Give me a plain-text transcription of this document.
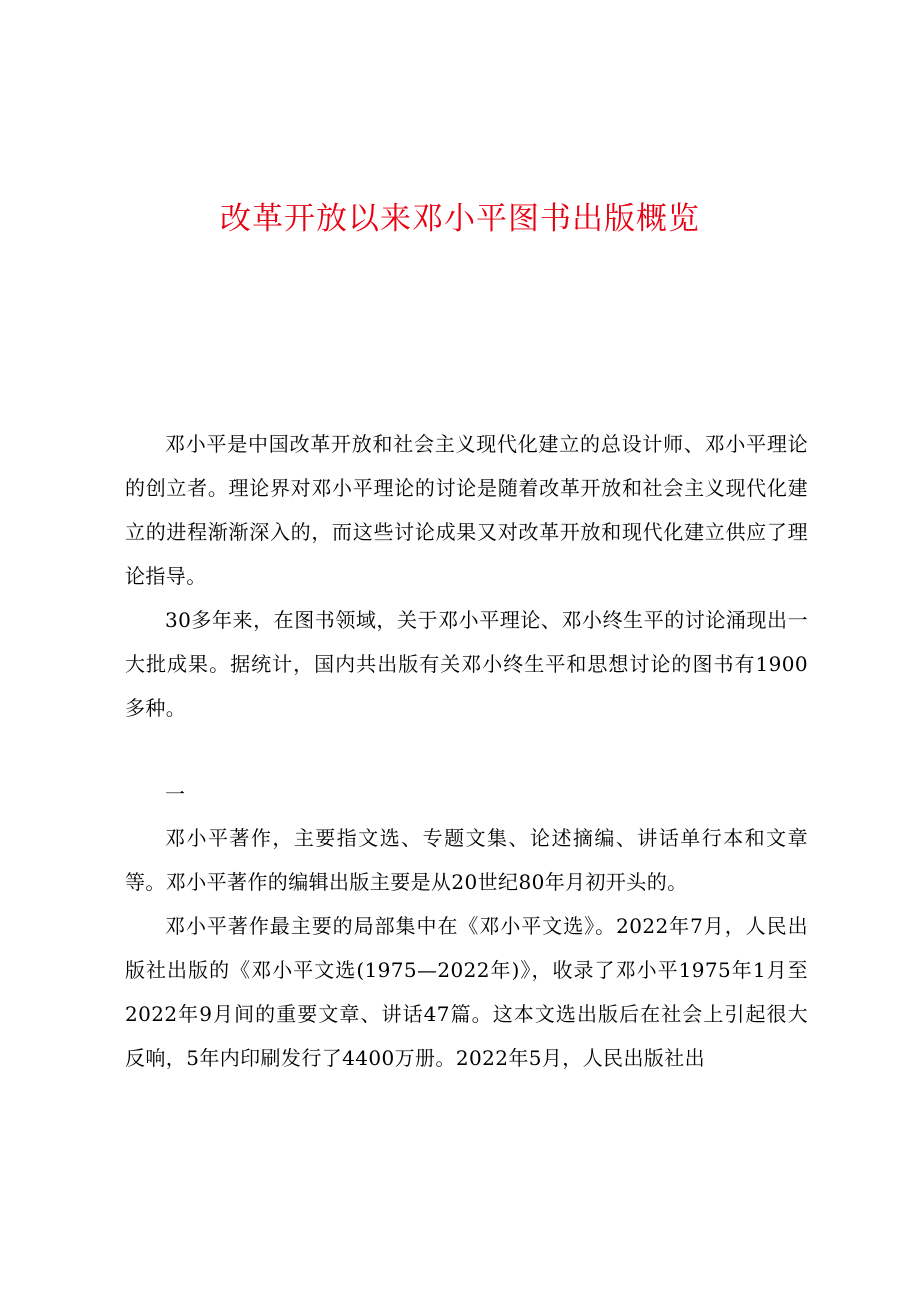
改革开放以来邓小平图书出版概览

邓小平是中国改革开放和社会主义现代化建立的总设计师、邓小平理论的创立者。理论界对邓小平理论的讨论是随着改革开放和社会主义现代化建立的进程渐渐深入的，而这些讨论成果又对改革开放和现代化建立供应了理论指导。

30多年来，在图书领域，关于邓小平理论、邓小终生平的讨论涌现出一大批成果。据统计，国内共出版有关邓小终生平和思想讨论的图书有1900多种。

一

邓小平著作，主要指文选、专题文集、论述摘编、讲话单行本和文章等。邓小平著作的编辑出版主要是从20世纪80年月初开头的。

邓小平著作最主要的局部集中在《邓小平文选》。2022年7月，人民出版社出版的《邓小平文选(1975—2022年)》，收录了邓小平1975年1月至2022年9月间的重要文章、讲话47篇。这本文选出版后在社会上引起很大反响，5年内印刷发行了4400万册。2022年5月，人民出版社出
